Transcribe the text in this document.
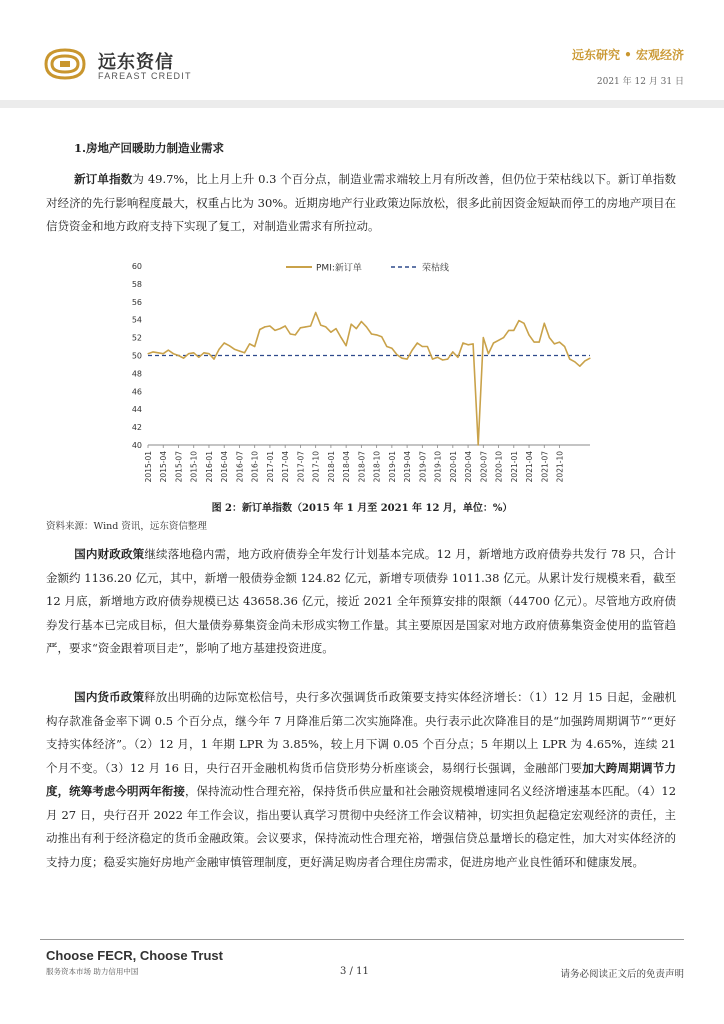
远东资信
FAREAST CREDIT
远东研究 • 宏观经济
2021 年 12 月 31 日
1.房地产回暖助力制造业需求

新订单指数为 49.7%，比上月上升 0.3 个百分点，制造业需求端较上月有所改善，但仍位于荣枯线以下。新订单指数对经济的先行影响程度最大，权重占比为 30%。近期房地产行业政策边际放松，很多此前因资金短缺而停工的房地产项目在信贷资金和地方政府支持下实现了复工，对制造业需求有所拉动。

PMI:新订单	荣枯线
40
42
44
46
48
50
52
54
56
58
60
2015-01 2015-04 2015-07 2015-10 2016-01 2016-04 2016-07 2016-10 2017-01 2017-04 2017-07 2017-10 2018-01 2018-04 2018-07 2018-10 2019-01 2019-04 2019-07 2019-10 2020-01 2020-04 2020-07 2020-10 2021-01 2021-04 2021-07 2021-10
图 2：新订单指数（2015 年 1 月至 2021 年 12 月，单位：%）
资料来源：Wind 资讯，远东资信整理

国内财政政策继续落地稳内需，地方政府债券全年发行计划基本完成。12 月，新增地方政府债券共发行 78 只，合计金额约 1136.20 亿元，其中，新增一般债券金额 124.82 亿元，新增专项债券 1011.38 亿元。从累计发行规模来看，截至 12 月底，新增地方政府债券规模已达 43658.36 亿元，接近 2021 全年预算安排的限额（44700 亿元）。尽管地方政府债券发行基本已完成目标，但大量债券募集资金尚未形成实物工作量。其主要原因是国家对地方政府债募集资金使用的监管趋严，要求“资金跟着项目走”，影响了地方基建投资进度。

国内货币政策释放出明确的边际宽松信号，央行多次强调货币政策要支持实体经济增长：（1）12 月 15 日起，金融机构存款准备金率下调 0.5 个百分点，继今年 7 月降准后第二次实施降准。央行表示此次降准目的是“加强跨周期调节”“更好支持实体经济”。（2）12 月，1 年期 LPR 为 3.85%，较上月下调 0.05 个百分点；5 年期以上 LPR 为 4.65%，连续 21 个月不变。（3）12 月 16 日，央行召开金融机构货币信贷形势分析座谈会，易纲行长强调，金融部门要加大跨周期调节力度，统筹考虑今明两年衔接，保持流动性合理充裕，保持货币供应量和社会融资规模增速同名义经济增速基本匹配。（4）12 月 27 日，央行召开 2022 年工作会议，指出要认真学习贯彻中央经济工作会议精神，切实担负起稳定宏观经济的责任，主动推出有利于经济稳定的货币金融政策。会议要求，保持流动性合理充裕，增强信贷总量增长的稳定性，加大对实体经济的支持力度；稳妥实施好房地产金融审慎管理制度，更好满足购房者合理住房需求，促进房地产业良性循环和健康发展。

Choose FECR, Choose Trust
服务资本市场 助力信用中国	3 / 11	请务必阅读正文后的免责声明
